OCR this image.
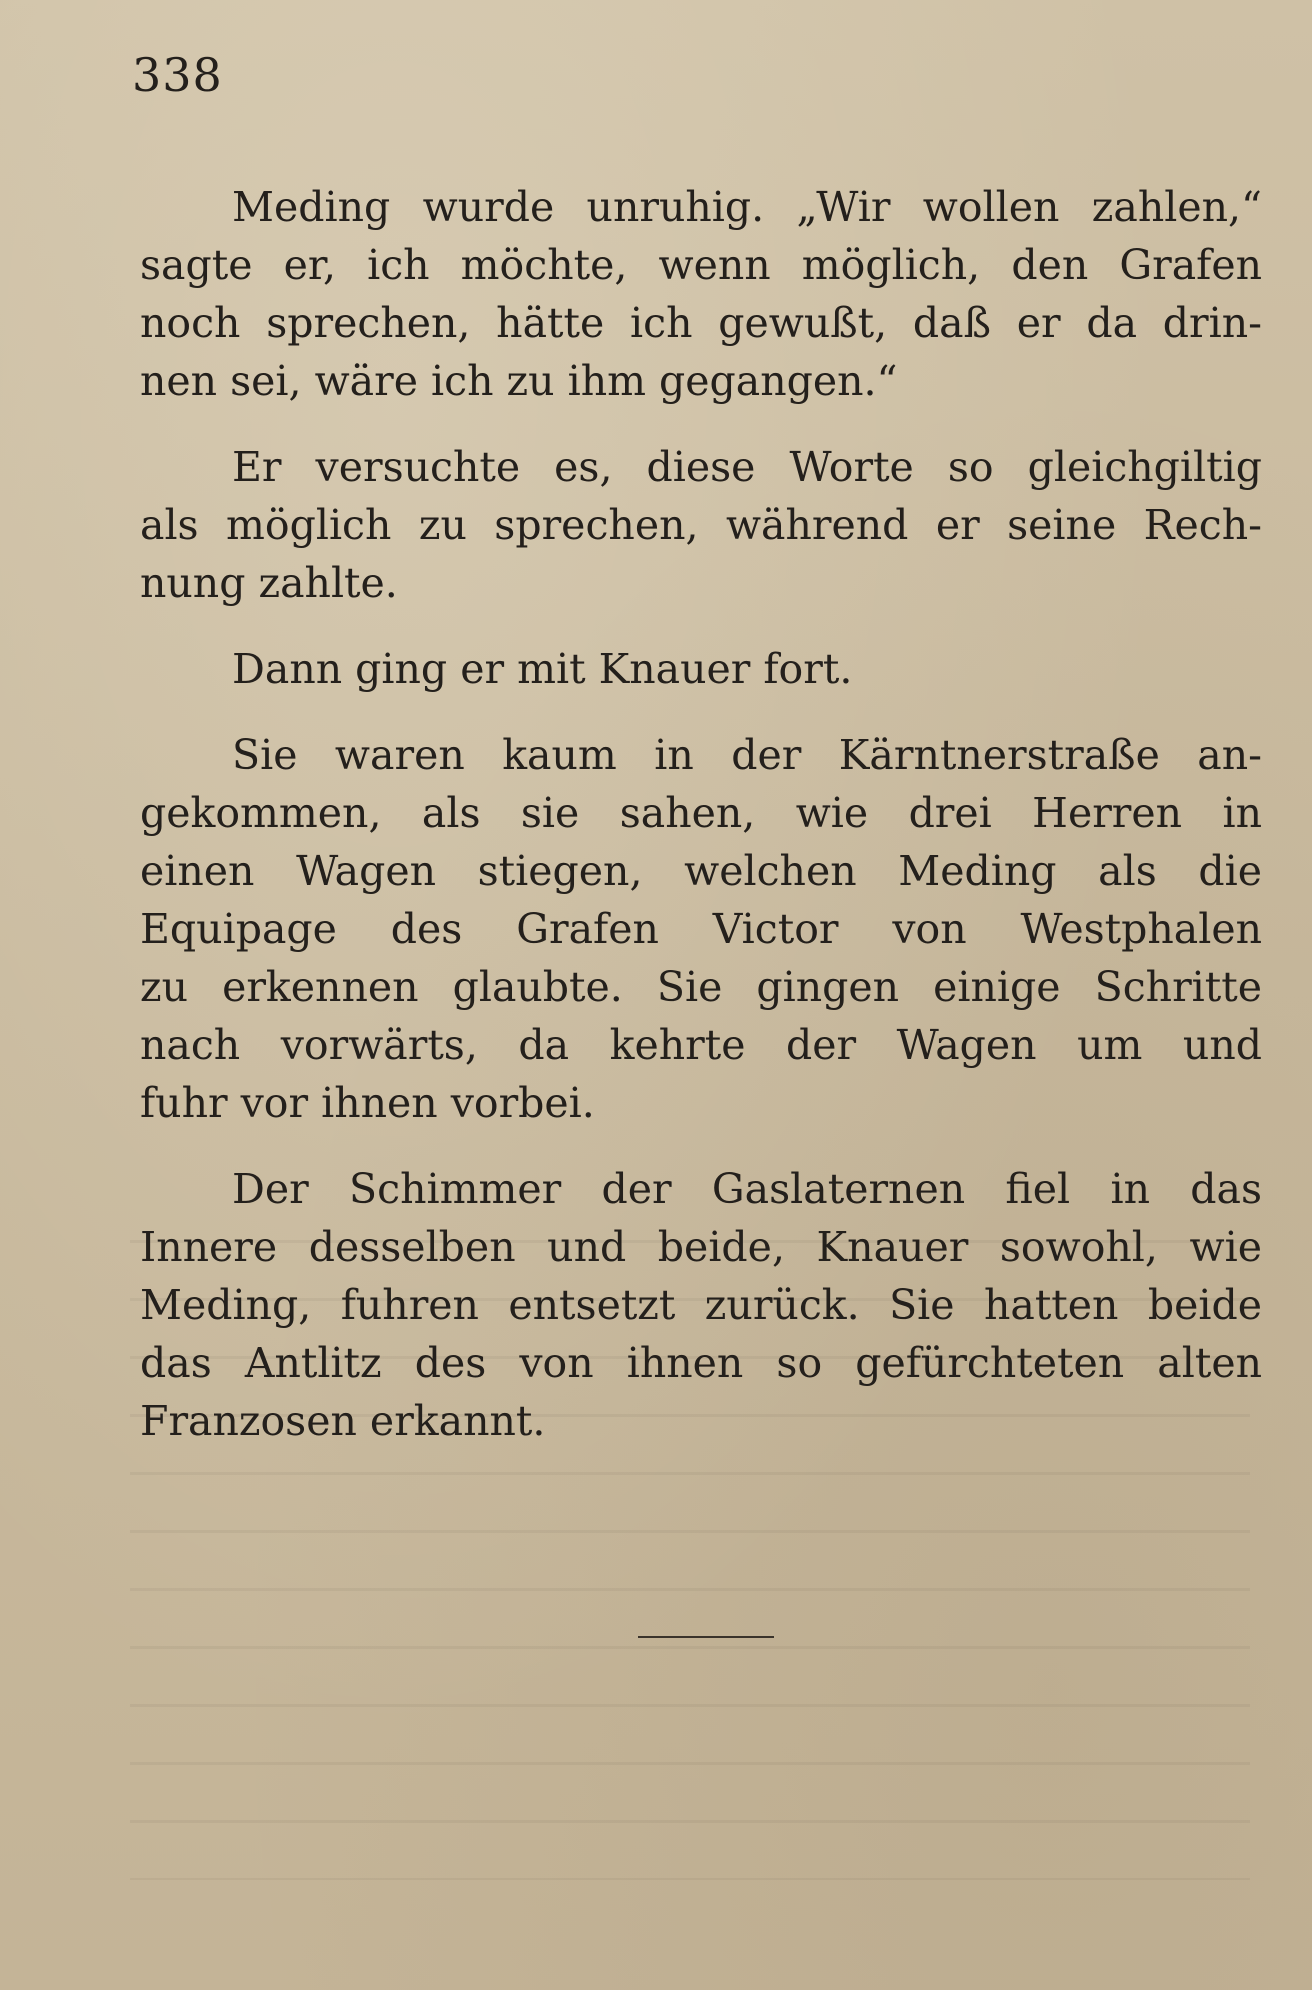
338

Meding wurde unruhig. „Wir wollen zahlen,“
sagte er, ich möchte, wenn möglich, den Grafen
noch sprechen, hätte ich gewußt, daß er da drin-
nen sei, wäre ich zu ihm gegangen.“

Er versuchte es, diese Worte so gleichgiltig
als möglich zu sprechen, während er seine Rech-
nung zahlte.

Dann ging er mit Knauer fort.

Sie waren kaum in der Kärntnerstraße an-
gekommen, als sie sahen, wie drei Herren in
einen Wagen stiegen, welchen Meding als die
Equipage des Grafen Victor von Westphalen
zu erkennen glaubte. Sie gingen einige Schritte
nach vorwärts, da kehrte der Wagen um und
fuhr vor ihnen vorbei.

Der Schimmer der Gaslaternen fiel in das
Innere desselben und beide, Knauer sowohl, wie
Meding, fuhren entsetzt zurück. Sie hatten beide
das Antlitz des von ihnen so gefürchteten alten
Franzosen erkannt.
